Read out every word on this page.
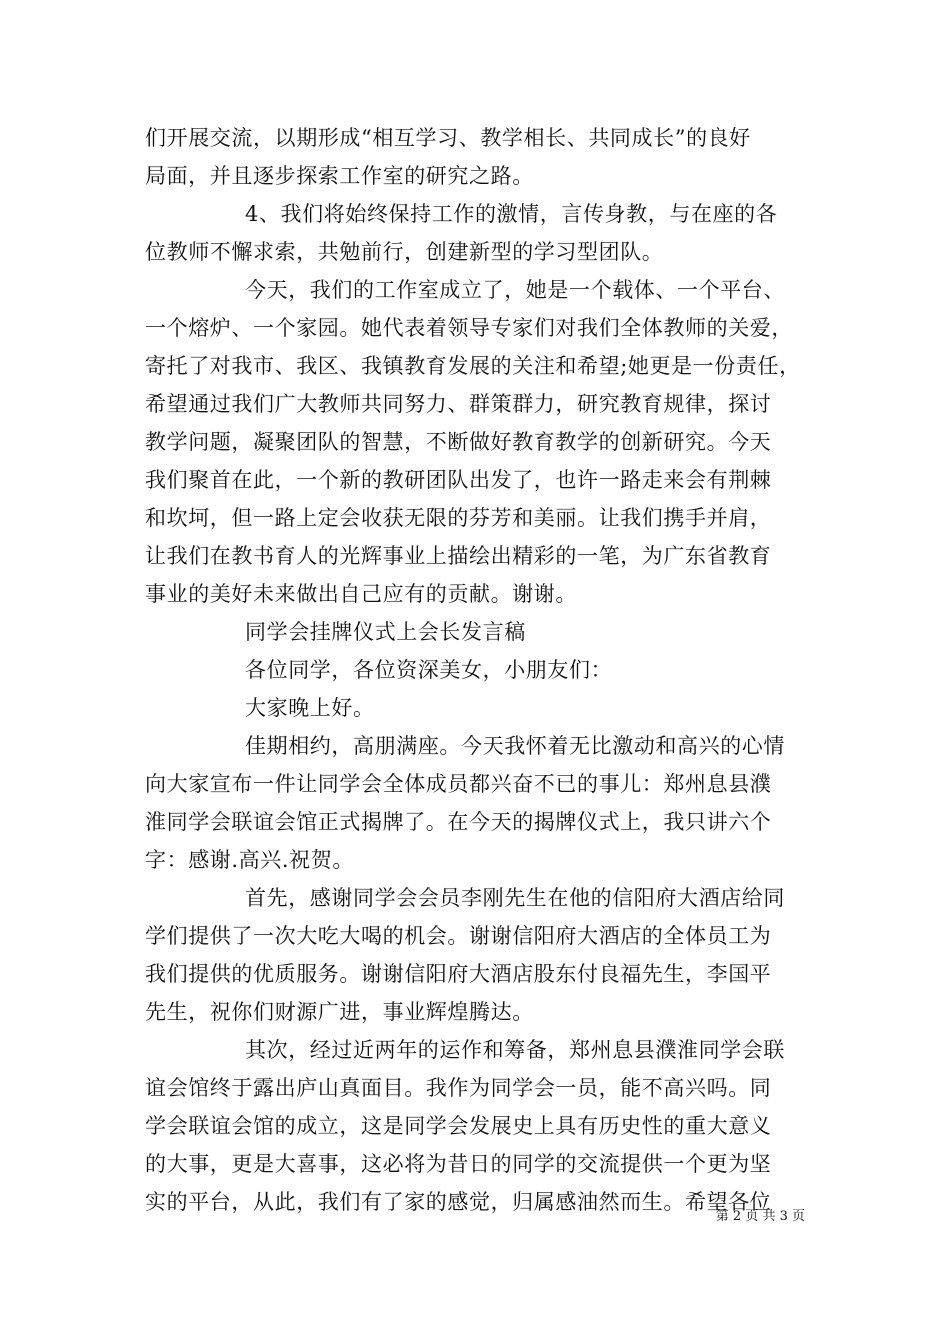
们开展交流，以期形成“相互学习、教学相长、共同成长”的良好
局面，并且逐步探索工作室的研究之路。
4、我们将始终保持工作的激情，言传身教，与在座的各
位教师不懈求索，共勉前行，创建新型的学习型团队。
今天，我们的工作室成立了，她是一个载体、一个平台、
一个熔炉、一个家园。她代表着领导专家们对我们全体教师的关爱，
寄托了对我市、我区、我镇教育发展的关注和希望;她更是一份责任，
希望通过我们广大教师共同努力、群策群力，研究教育规律，探讨
教学问题，凝聚团队的智慧，不断做好教育教学的创新研究。今天
我们聚首在此，一个新的教研团队出发了，也许一路走来会有荆棘
和坎坷，但一路上定会收获无限的芬芳和美丽。让我们携手并肩，
让我们在教书育人的光辉事业上描绘出精彩的一笔，为广东省教育
事业的美好未来做出自己应有的贡献。谢谢。
同学会挂牌仪式上会长发言稿
各位同学，各位资深美女，小朋友们：
大家晚上好。
佳期相约，高朋满座。今天我怀着无比激动和高兴的心情
向大家宣布一件让同学会全体成员都兴奋不已的事儿：郑州息县濮
淮同学会联谊会馆正式揭牌了。在今天的揭牌仪式上，我只讲六个
字：感谢.高兴.祝贺。
首先，感谢同学会会员李刚先生在他的信阳府大酒店给同
学们提供了一次大吃大喝的机会。谢谢信阳府大酒店的全体员工为
我们提供的优质服务。谢谢信阳府大酒店股东付良福先生，李国平
先生，祝你们财源广进，事业辉煌腾达。
其次，经过近两年的运作和筹备，郑州息县濮淮同学会联
谊会馆终于露出庐山真面目。我作为同学会一员，能不高兴吗。同
学会联谊会馆的成立，这是同学会发展史上具有历史性的重大意义
的大事，更是大喜事，这必将为昔日的同学的交流提供一个更为坚
实的平台，从此，我们有了家的感觉，归属感油然而生。希望各位
第 2 页 共 3 页
